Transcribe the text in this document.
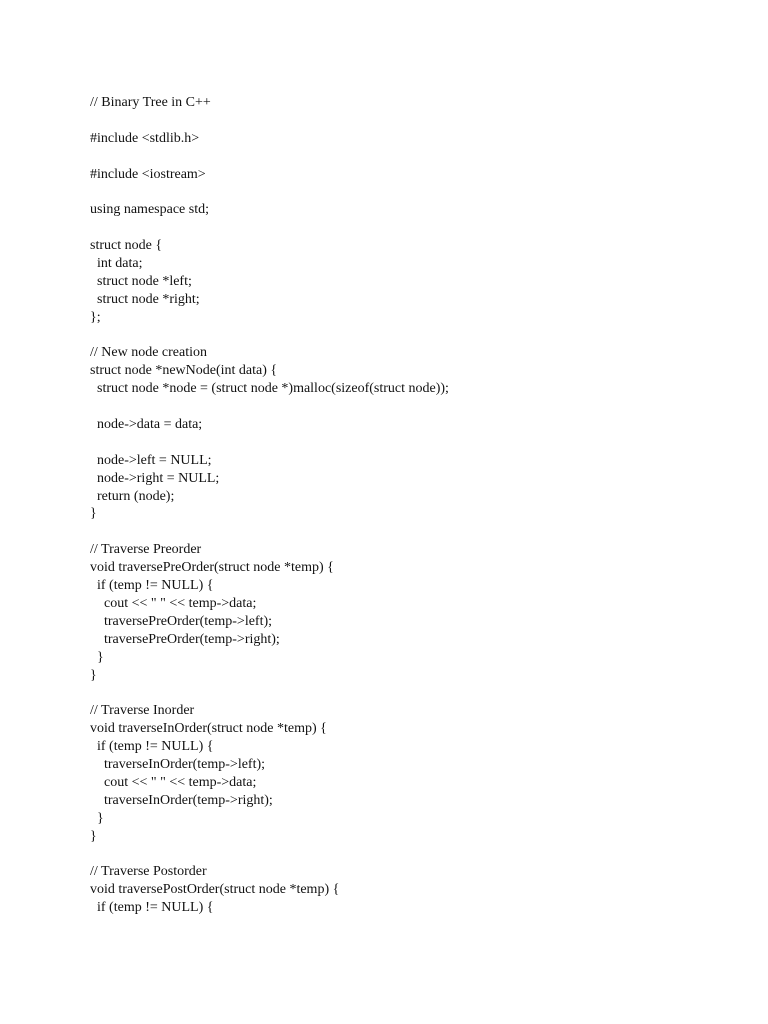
// Binary Tree in C++
#include <stdlib.h>
#include <iostream>
using namespace std;
struct node {
int data;
struct node *left;
struct node *right;
};
// New node creation
struct node *newNode(int data) {
struct node *node = (struct node *)malloc(sizeof(struct node));
node->data = data;
node->left = NULL;
node->right = NULL;
return (node);
}
// Traverse Preorder
void traversePreOrder(struct node *temp) {
if (temp != NULL) {
cout << " " << temp->data;
traversePreOrder(temp->left);
traversePreOrder(temp->right);
}
}
// Traverse Inorder
void traverseInOrder(struct node *temp) {
if (temp != NULL) {
traverseInOrder(temp->left);
cout << " " << temp->data;
traverseInOrder(temp->right);
}
}
// Traverse Postorder
void traversePostOrder(struct node *temp) {
if (temp != NULL) {
